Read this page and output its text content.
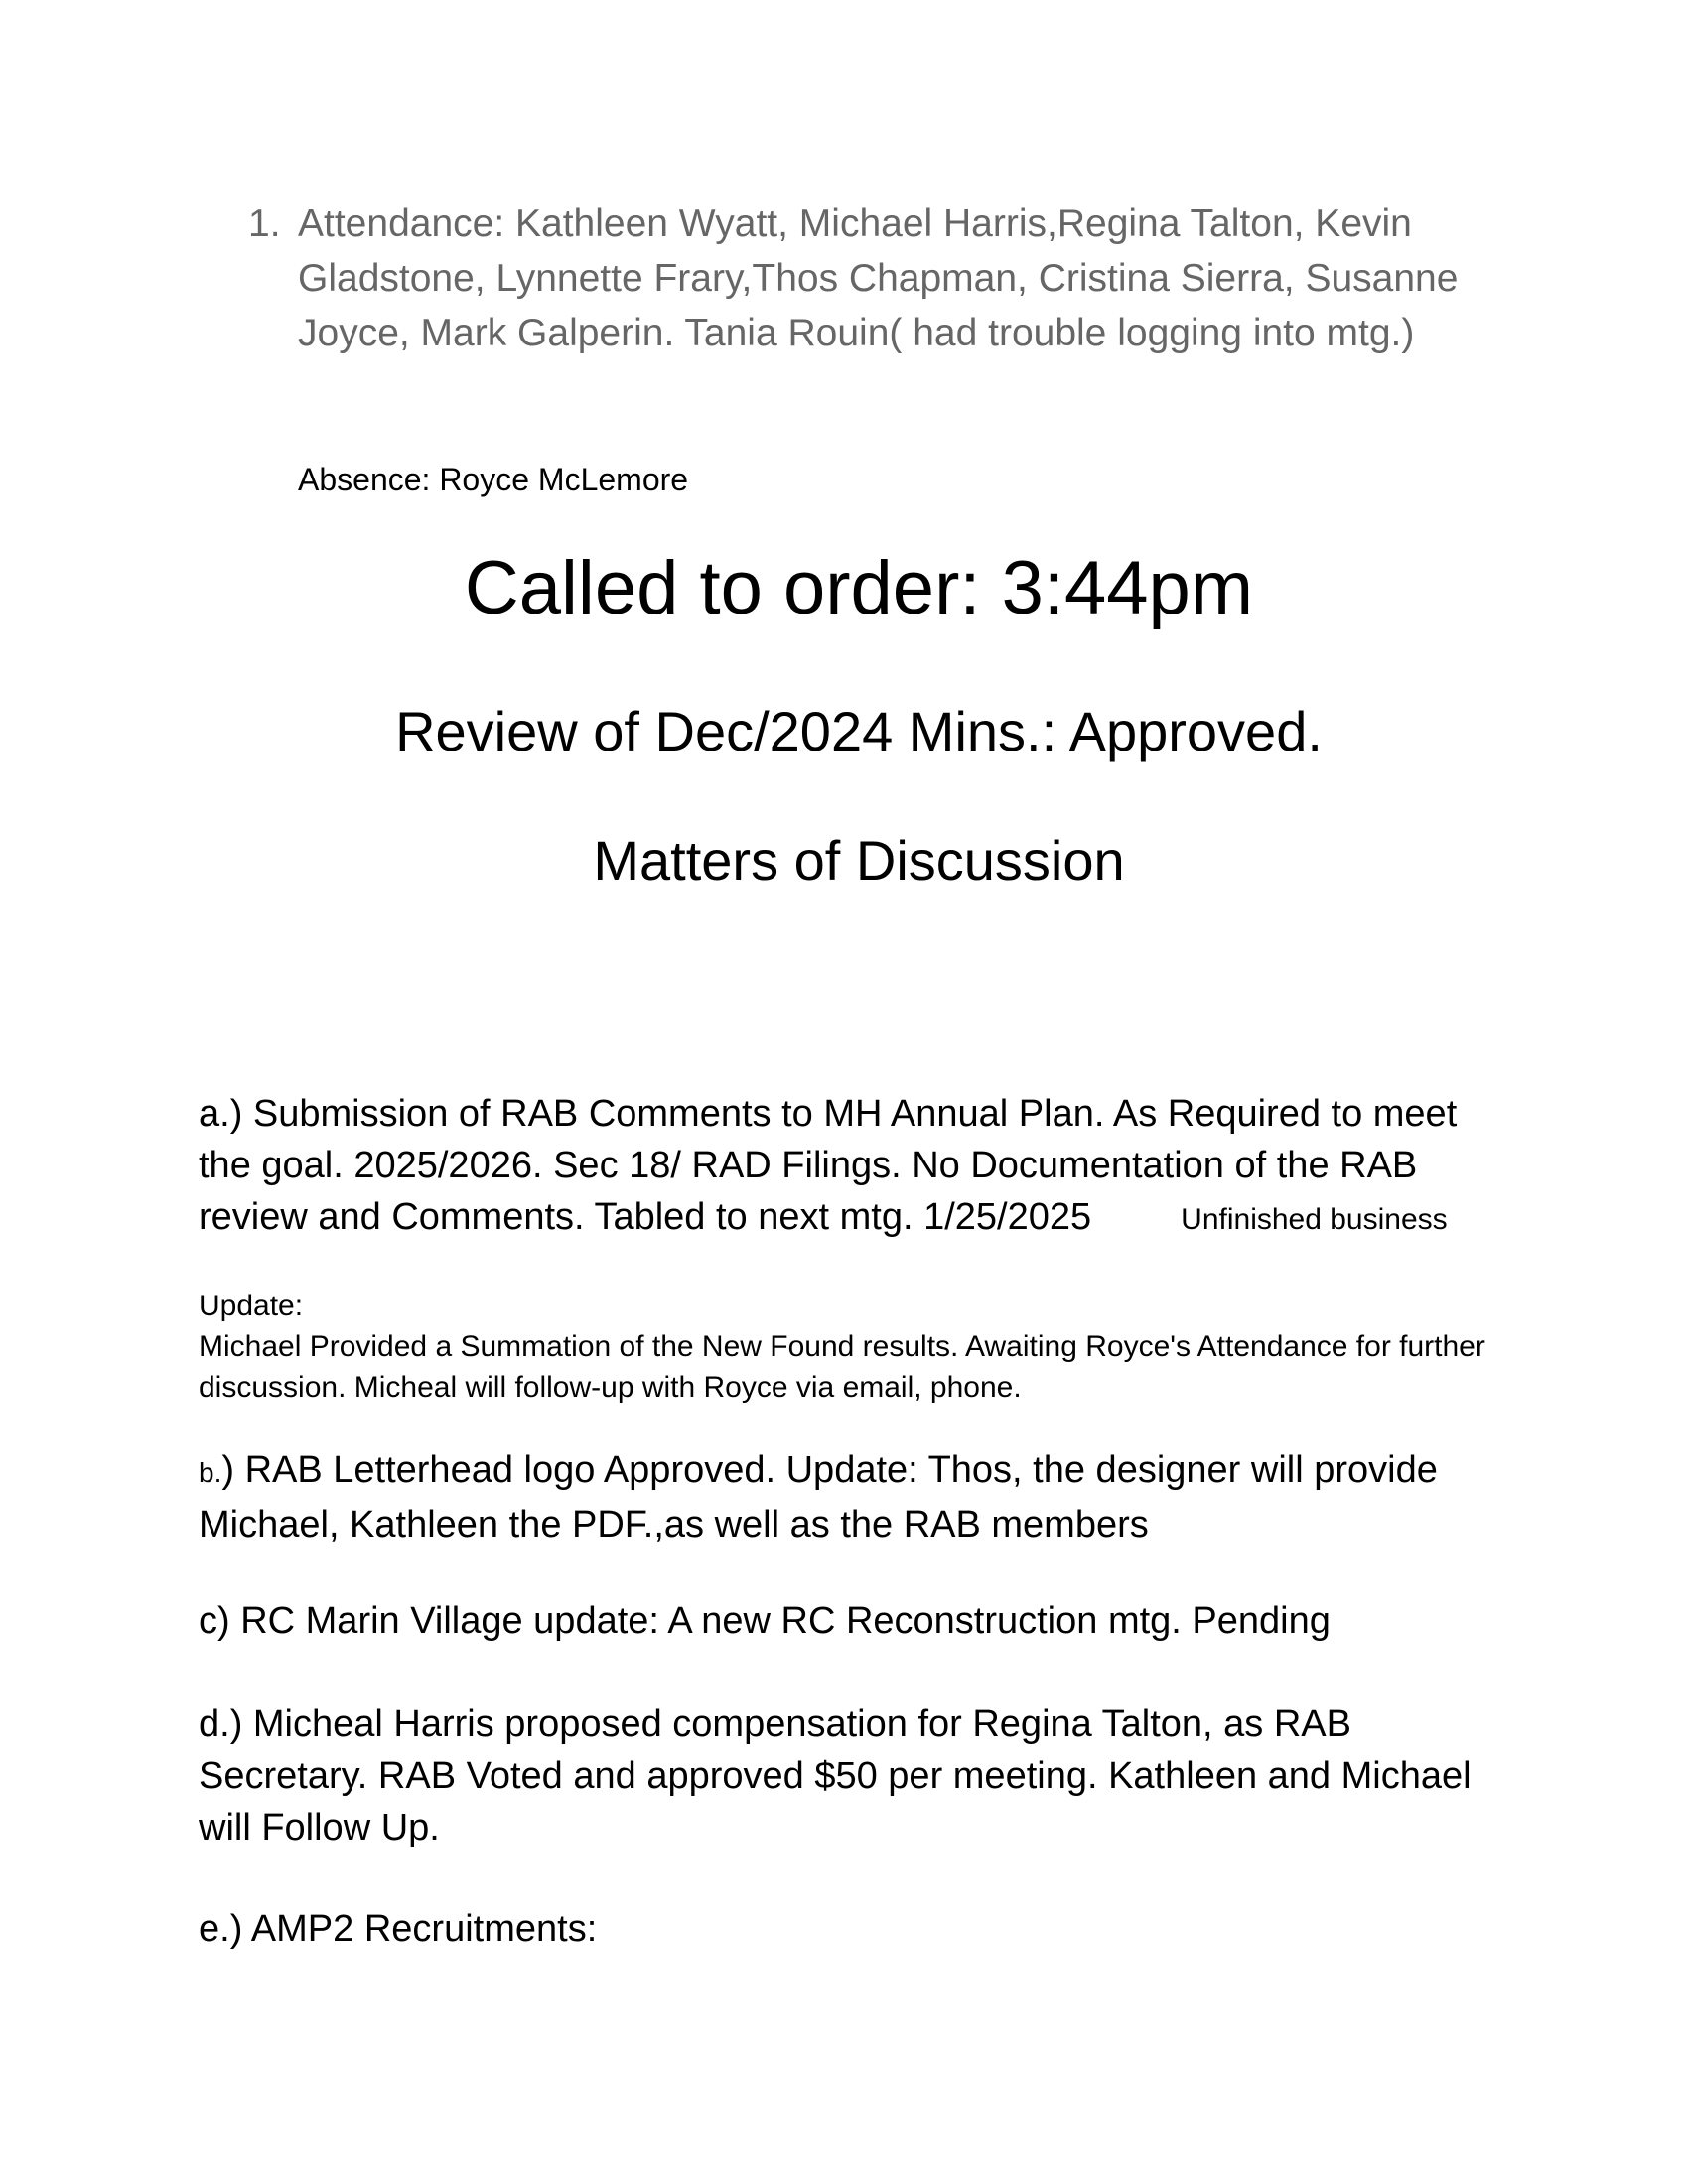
1. Attendance: Kathleen Wyatt, Michael Harris,Regina Talton, Kevin Gladstone, Lynnette Frary,Thos Chapman, Cristina Sierra, Susanne Joyce, Mark Galperin. Tania Rouin( had trouble logging into mtg.)
Absence: Royce McLemore
Called to order: 3:44pm
Review of Dec/2024 Mins.: Approved.
Matters of Discussion
a.) Submission of RAB Comments to MH Annual Plan. As Required to meet the goal. 2025/2026. Sec 18/ RAD Filings. No Documentation of the RAB review and Comments. Tabled to next mtg. 1/25/2025	Unfinished business
Update:
Michael Provided a Summation of the New Found results. Awaiting Royce's Attendance for further discussion. Micheal will follow-up with Royce via email, phone.
b.) RAB Letterhead logo Approved. Update: Thos, the designer will provide Michael, Kathleen the PDF.,as well as the RAB members
c) RC Marin Village update: A new RC Reconstruction mtg. Pending
d.) Micheal Harris proposed compensation for Regina Talton, as RAB Secretary. RAB Voted and approved $50 per meeting. Kathleen and Michael will Follow Up.
e.) AMP2 Recruitments:
